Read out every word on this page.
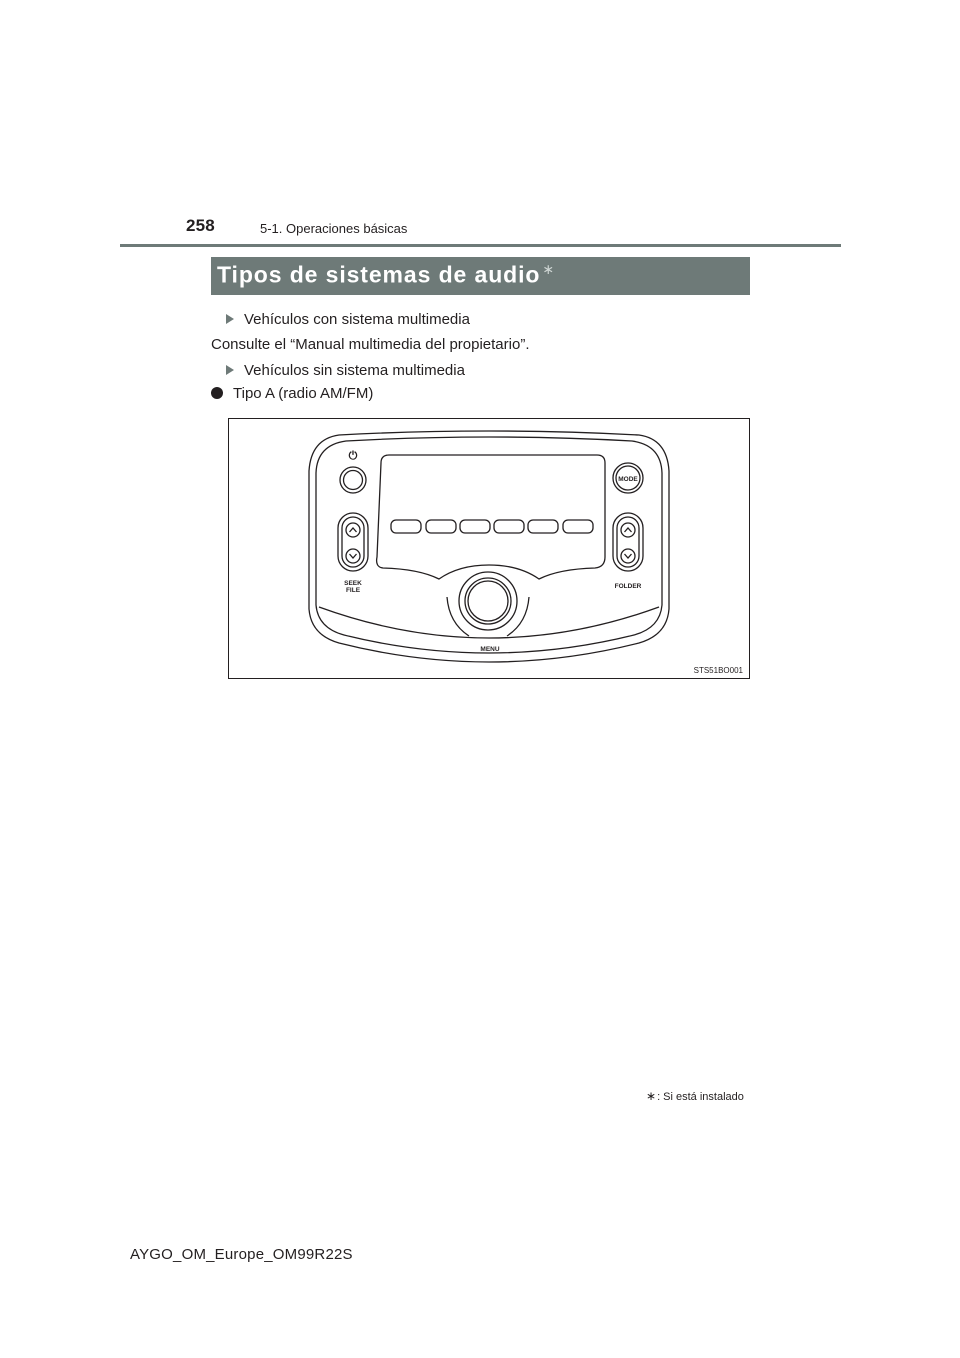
258	5-1. Operaciones básicas
Tipos de sistemas de audio ∗
Vehículos con sistema multimedia
Consulte el “Manual multimedia del propietario”.
Vehículos sin sistema multimedia
Tipo A (radio AM/FM)
⏻
MODE
SEEK
FILE
FOLDER
MENU
STS51BO001
∗: Si está instalado
AYGO_OM_Europe_OM99R22S
